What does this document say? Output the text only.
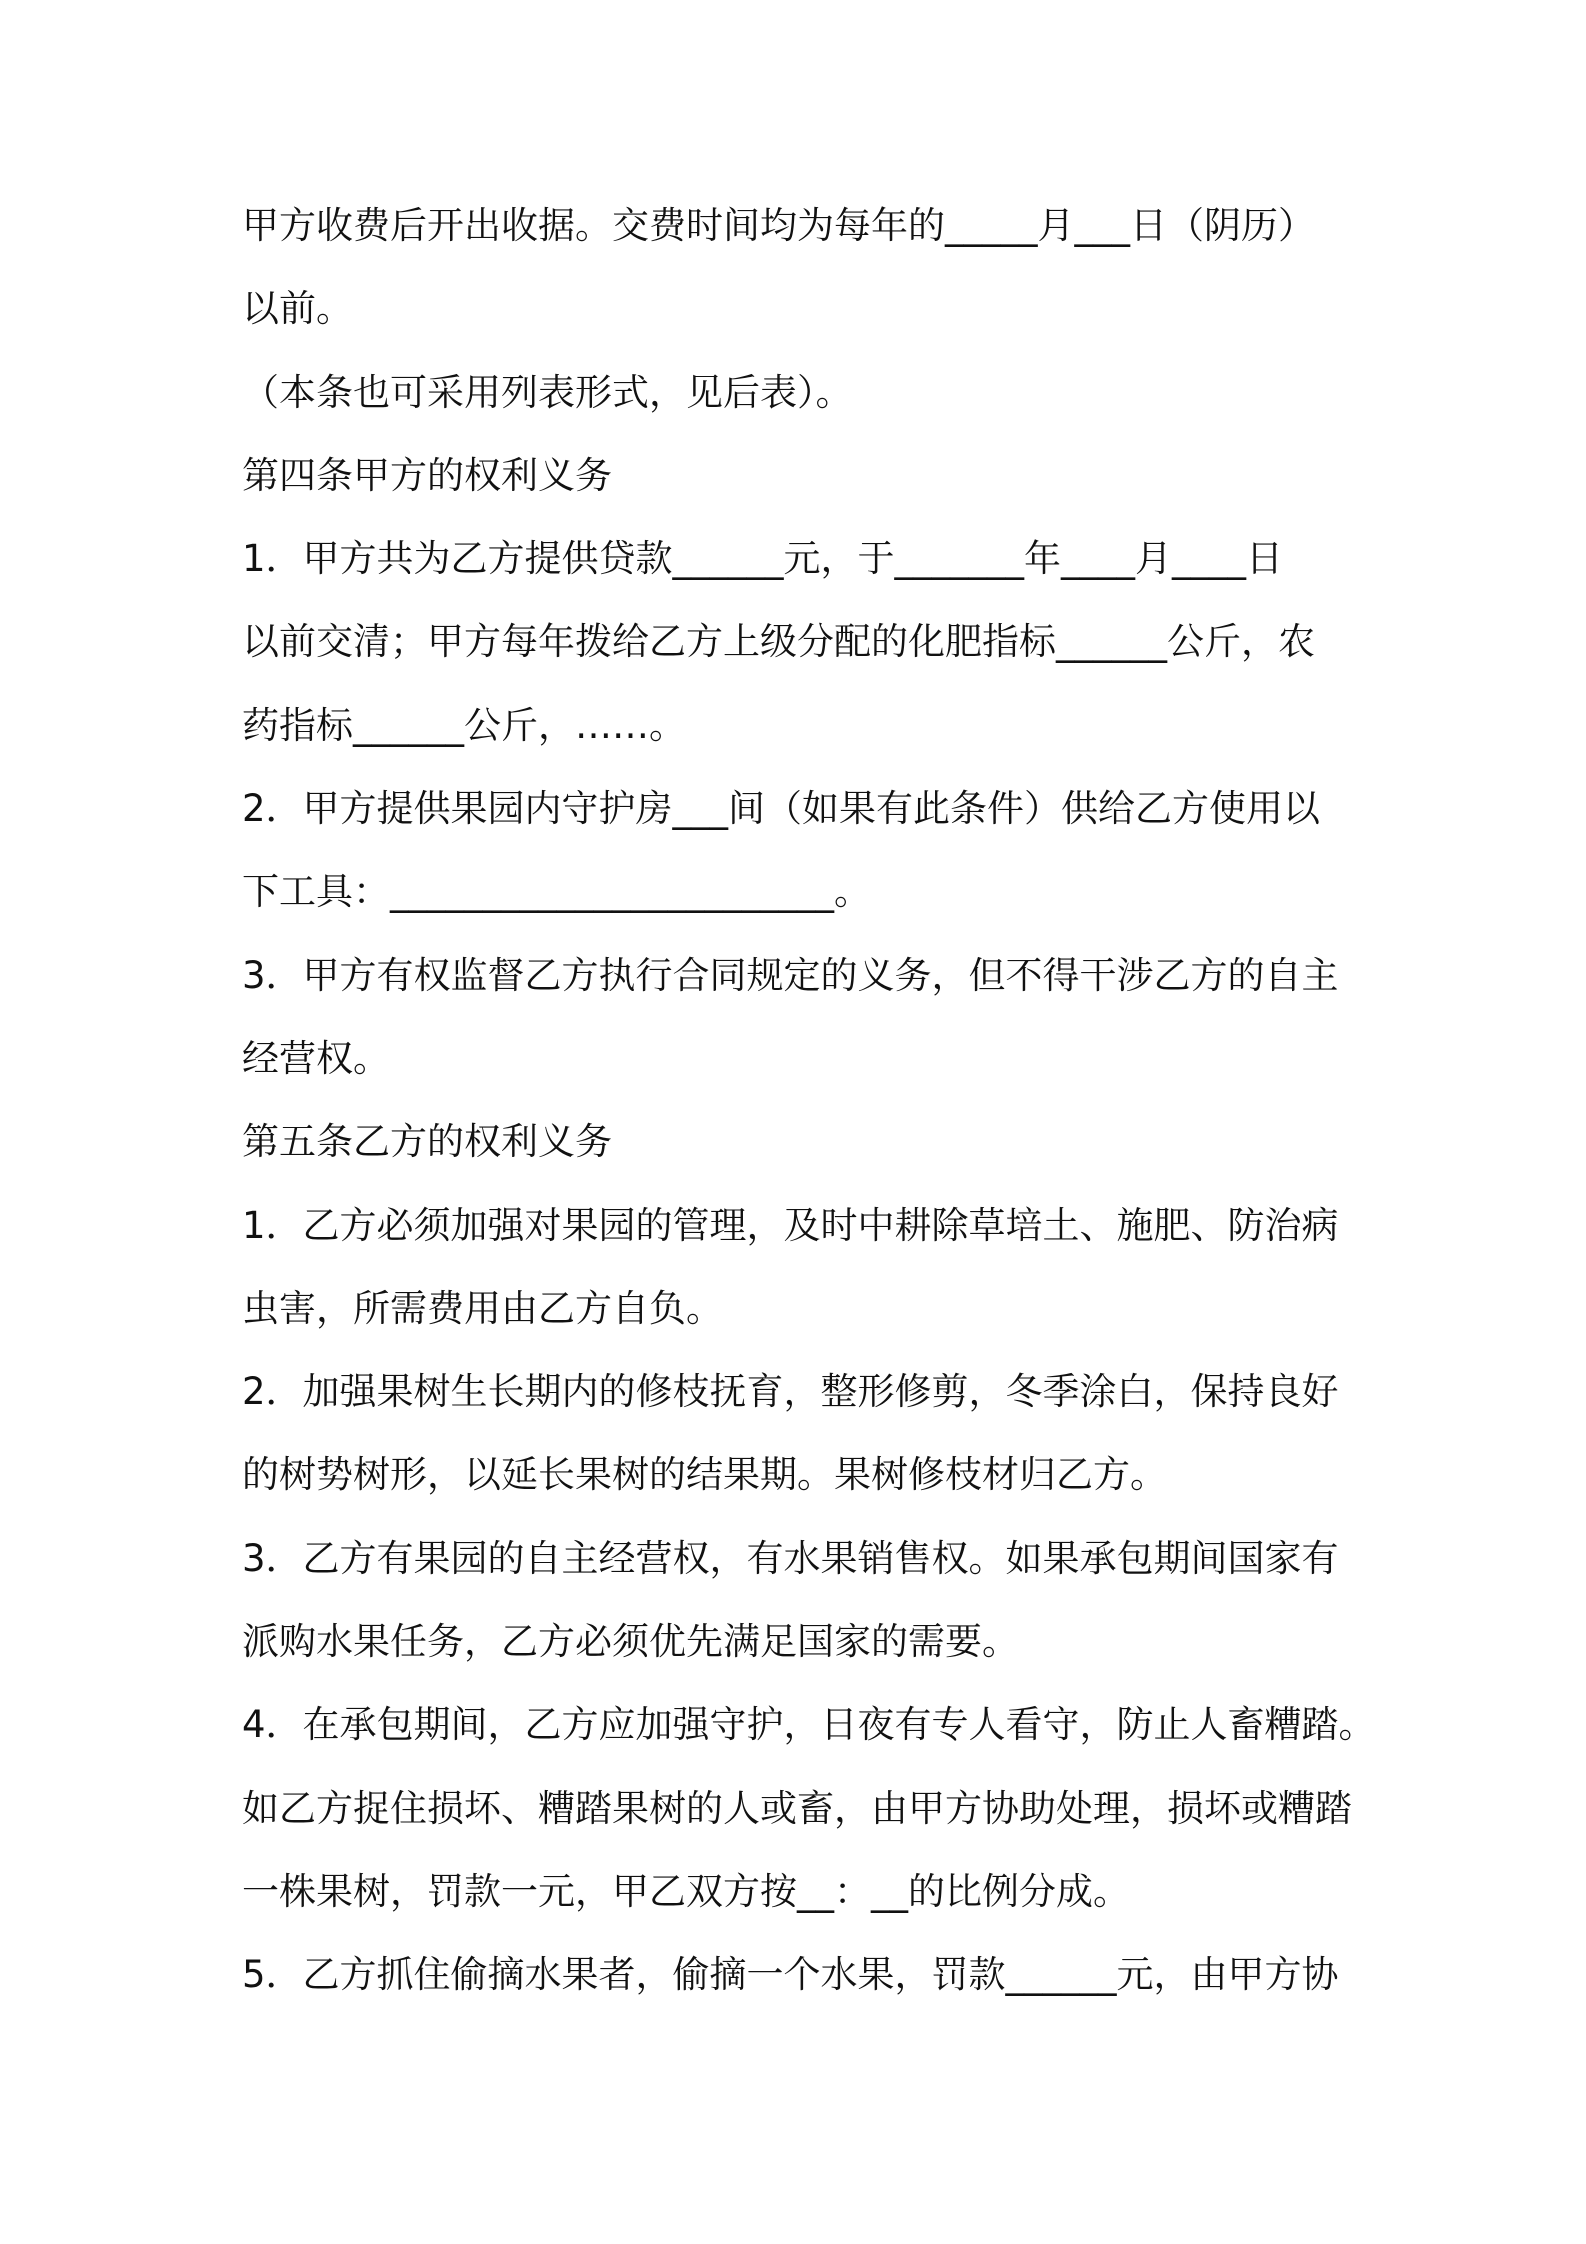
甲方收费后开出收据。交费时间均为每年的_____月___日（阴历）

以前。

（本条也可采用列表形式，见后表）。

第四条甲方的权利义务

1．甲方共为乙方提供贷款______元，于_______年____月____日

以前交清；甲方每年拨给乙方上级分配的化肥指标______公斤，农

药指标______公斤，……。

2．甲方提供果园内守护房___间（如果有此条件）供给乙方使用以

下工具：________________________。

3．甲方有权监督乙方执行合同规定的义务，但不得干涉乙方的自主

经营权。

第五条乙方的权利义务

1．乙方必须加强对果园的管理，及时中耕除草培土、施肥、防治病

虫害，所需费用由乙方自负。

2．加强果树生长期内的修枝抚育，整形修剪，冬季涂白，保持良好

的树势树形，以延长果树的结果期。果树修枝材归乙方。

3．乙方有果园的自主经营权，有水果销售权。如果承包期间国家有

派购水果任务，乙方必须优先满足国家的需要。

4．在承包期间，乙方应加强守护，日夜有专人看守，防止人畜糟踏。

如乙方捉住损坏、糟踏果树的人或畜，由甲方协助处理，损坏或糟踏

一株果树，罚款一元，甲乙双方按__：__的比例分成。

5．乙方抓住偷摘水果者，偷摘一个水果，罚款______元，由甲方协
